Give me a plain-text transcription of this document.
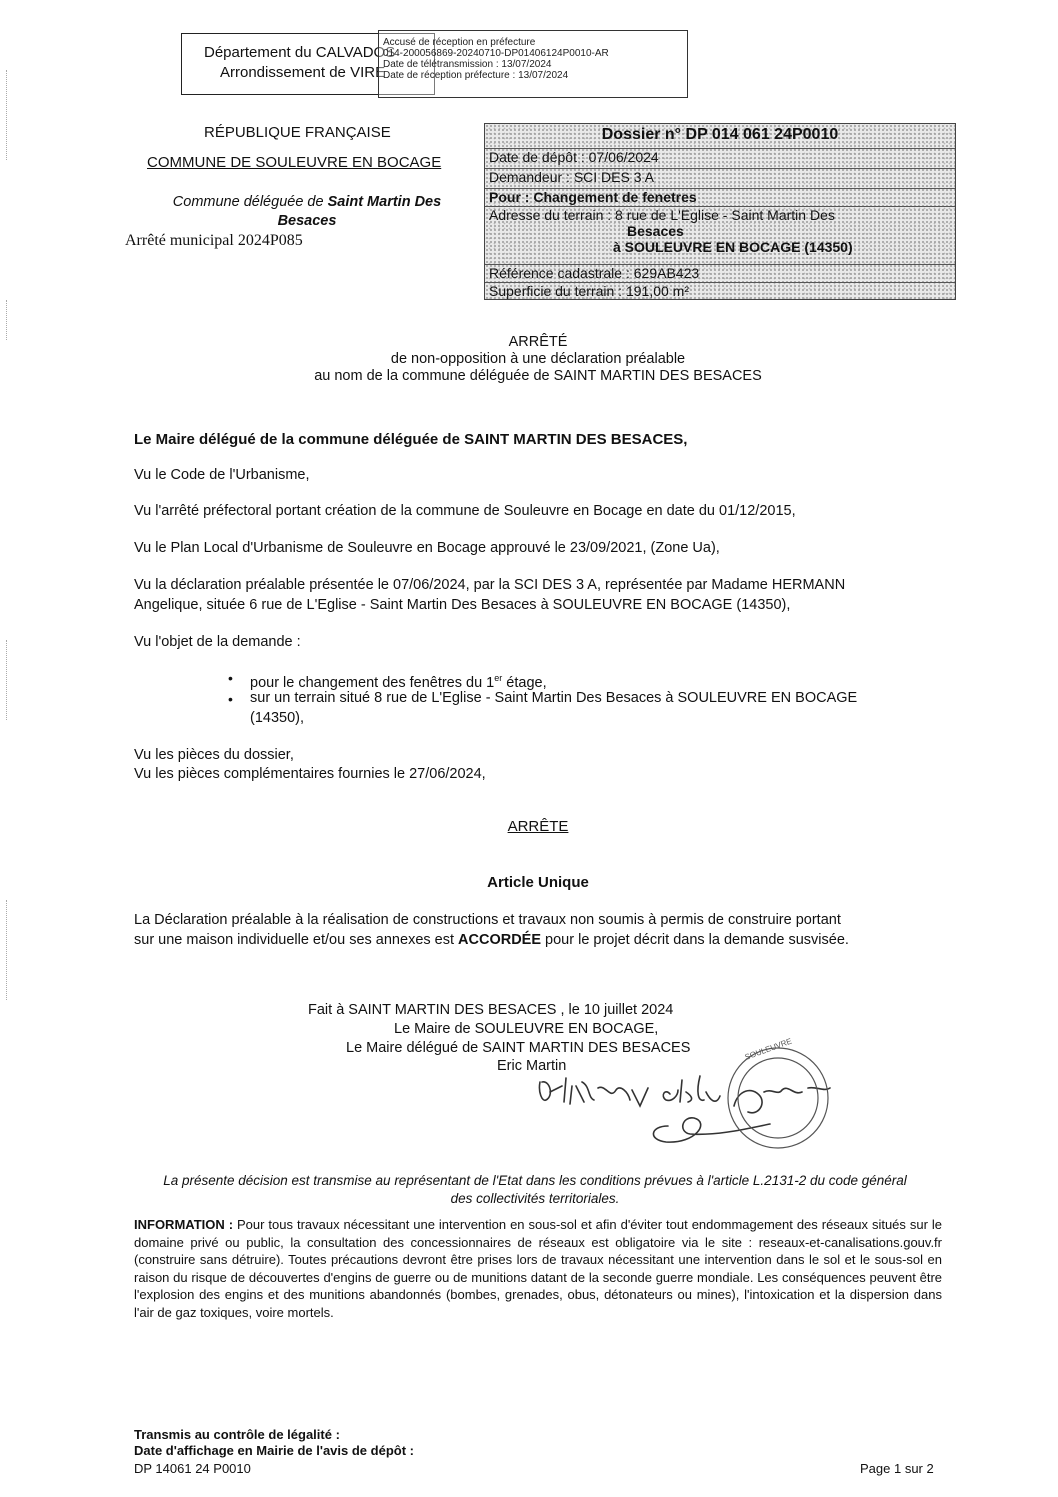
Département du CALVADOS
Arrondissement de VIRE
Accusé de réception en préfecture
014-200056869-20240710-DP01406124P0010-AR
Date de télétransmission : 13/07/2024
Date de réception préfecture : 13/07/2024
RÉPUBLIQUE FRANÇAISE
COMMUNE DE SOULEUVRE EN BOCAGE
Commune déléguée de Saint Martin Des Besaces
Arrêté municipal 2024P085
Dossier n° DP 014 061 24P0010
Date de dépôt : 07/06/2024
Demandeur : SCI DES 3 A
Pour : Changement de fenetres
Adresse du terrain : 8 rue de L'Eglise - Saint Martin Des
Besaces
à SOULEUVRE EN BOCAGE (14350)
Référence cadastrale : 629AB423
Superficie du terrain : 191,00 m²
ARRÊTÉ
de non-opposition à une déclaration préalable
au nom de la commune déléguée de SAINT MARTIN DES BESACES
Le Maire délégué de la commune déléguée de SAINT MARTIN DES BESACES,
Vu le Code de l'Urbanisme,
Vu l'arrêté préfectoral portant création de la commune de Souleuvre en Bocage en date du 01/12/2015,
Vu le Plan Local d'Urbanisme de Souleuvre en Bocage approuvé le 23/09/2021, (Zone Ua),
Vu la déclaration préalable présentée le 07/06/2024, par la SCI DES 3 A, représentée par Madame HERMANN
Angelique, située 6 rue de L'Eglise - Saint Martin Des Besaces à SOULEUVRE EN BOCAGE (14350),
Vu l'objet de la demande :
• pour le changement des fenêtres du 1er étage,
• sur un terrain situé 8 rue de L'Eglise - Saint Martin Des Besaces à SOULEUVRE EN BOCAGE
(14350),
Vu les pièces du dossier,
Vu les pièces complémentaires fournies le 27/06/2024,
ARRÊTE
Article Unique
La Déclaration préalable à la réalisation de constructions et travaux non soumis à permis de construire portant
sur une maison individuelle et/ou ses annexes est ACCORDÉE pour le projet décrit dans la demande susvisée.
Fait à SAINT MARTIN DES BESACES , le 10 juillet 2024
Le Maire de SOULEUVRE EN BOCAGE,
Le Maire délégué de SAINT MARTIN DES BESACES
Eric Martin
SOULEUVRE
La présente décision est transmise au représentant de l'Etat dans les conditions prévues à l'article L.2131-2 du code général
des collectivités territoriales.
INFORMATION : Pour tous travaux nécessitant une intervention en sous-sol et afin d'éviter tout endommagement des réseaux situés sur le domaine privé ou public, la consultation des concessionnaires de réseaux est obligatoire via le site : reseaux-et-canalisations.gouv.fr (construire sans détruire). Toutes précautions devront être prises lors de travaux nécessitant une intervention dans le sol et le sous-sol en raison du risque de découvertes d'engins de guerre ou de munitions datant de la seconde guerre mondiale. Les conséquences peuvent être l'explosion des engins et des munitions abandonnés (bombes, grenades, obus, détonateurs ou mines), l'intoxication et la dispersion dans l'air de gaz toxiques, voire mortels.
Transmis au contrôle de légalité :
Date d'affichage en Mairie de l'avis de dépôt :
DP 14061 24 P0010	Page 1 sur 2
